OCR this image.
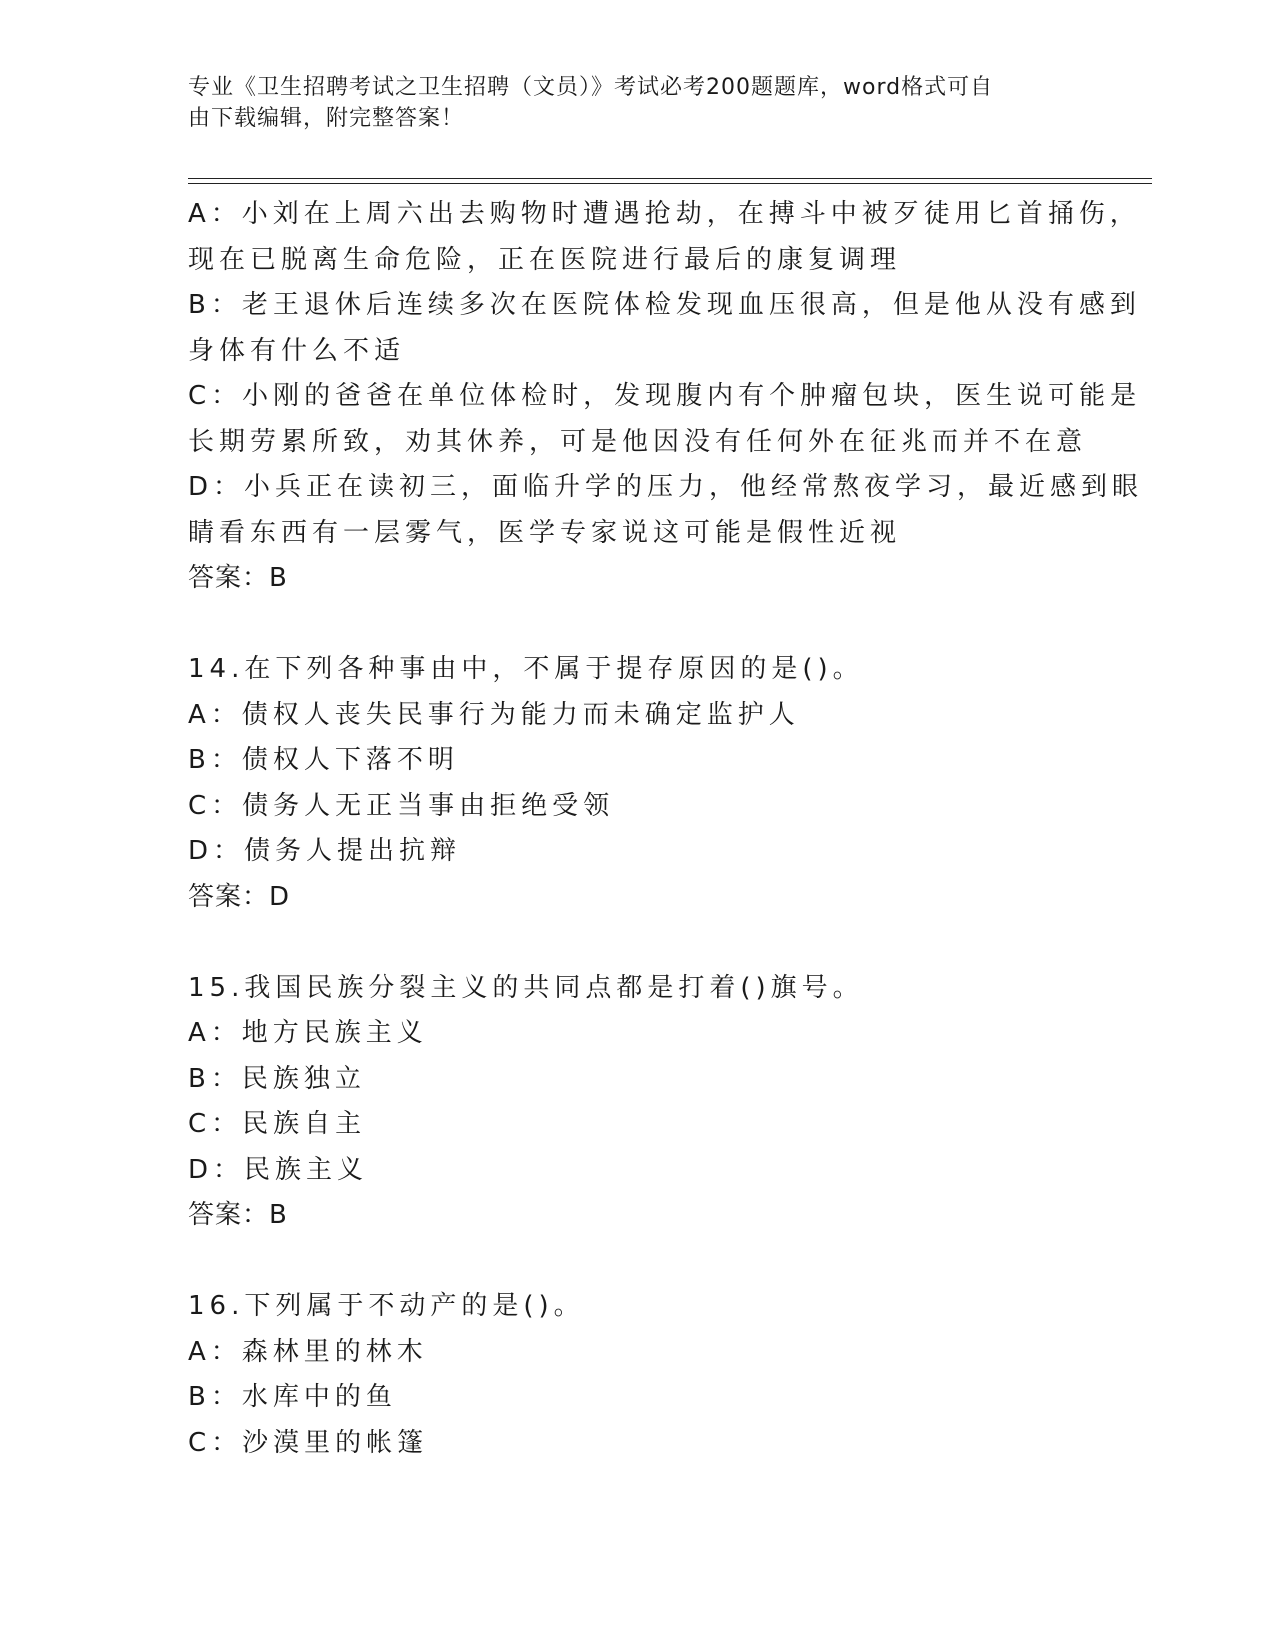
专业《卫生招聘考试之卫生招聘（文员）》考试必考200题题库，word格式可自
由下载编辑，附完整答案！
A：小刘在上周六出去购物时遭遇抢劫，在搏斗中被歹徒用匕首捅伤，
现在已脱离生命危险，正在医院进行最后的康复调理
B：老王退休后连续多次在医院体检发现血压很高，但是他从没有感到
身体有什么不适
C：小刚的爸爸在单位体检时，发现腹内有个肿瘤包块，医生说可能是
长期劳累所致，劝其休养，可是他因没有任何外在征兆而并不在意
D：小兵正在读初三，面临升学的压力，他经常熬夜学习，最近感到眼
睛看东西有一层雾气，医学专家说这可能是假性近视
答案：B
14.在下列各种事由中，不属于提存原因的是()。
A：债权人丧失民事行为能力而未确定监护人
B：债权人下落不明
C：债务人无正当事由拒绝受领
D：债务人提出抗辩
答案：D
15.我国民族分裂主义的共同点都是打着()旗号。
A：地方民族主义
B：民族独立
C：民族自主
D：民族主义
答案：B
16.下列属于不动产的是()。
A：森林里的林木
B：水库中的鱼
C：沙漠里的帐篷
